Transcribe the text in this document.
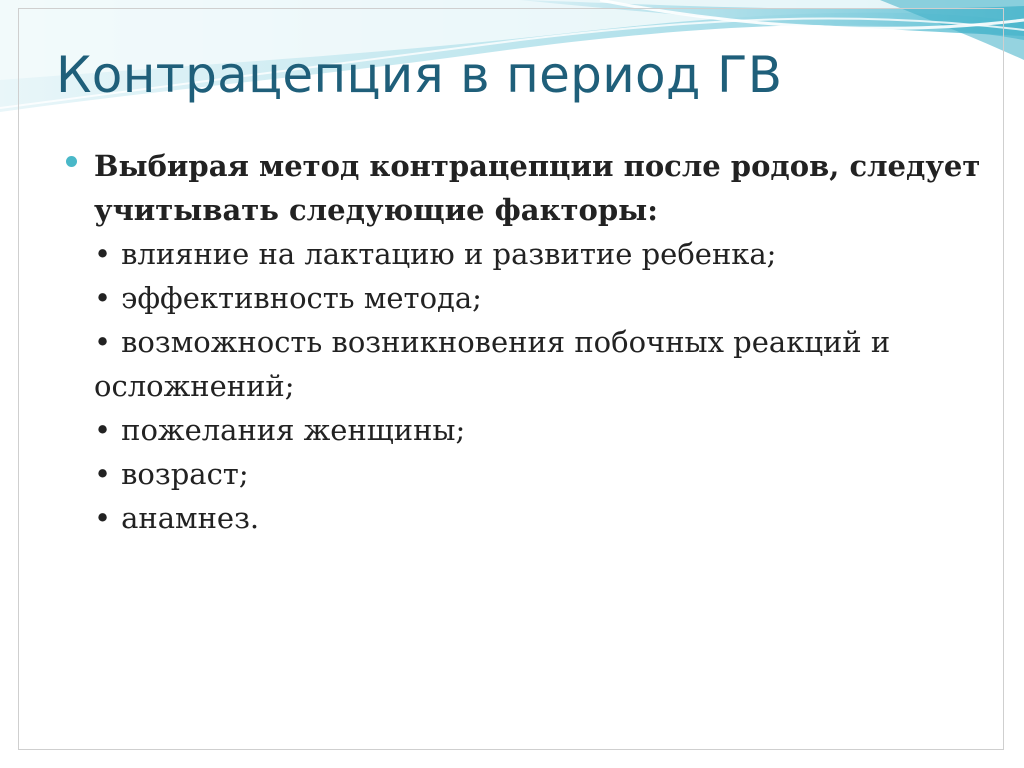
Контрацепция в период ГВ

Выбирая метод контрацепции после родов, следует учитывать следующие факторы:

• влияние на лактацию и развитие ребенка;
• эффективность метода;
• возможность возникновения побочных реакций и осложнений;
• пожелания женщины;
• возраст;
• анамнез.
